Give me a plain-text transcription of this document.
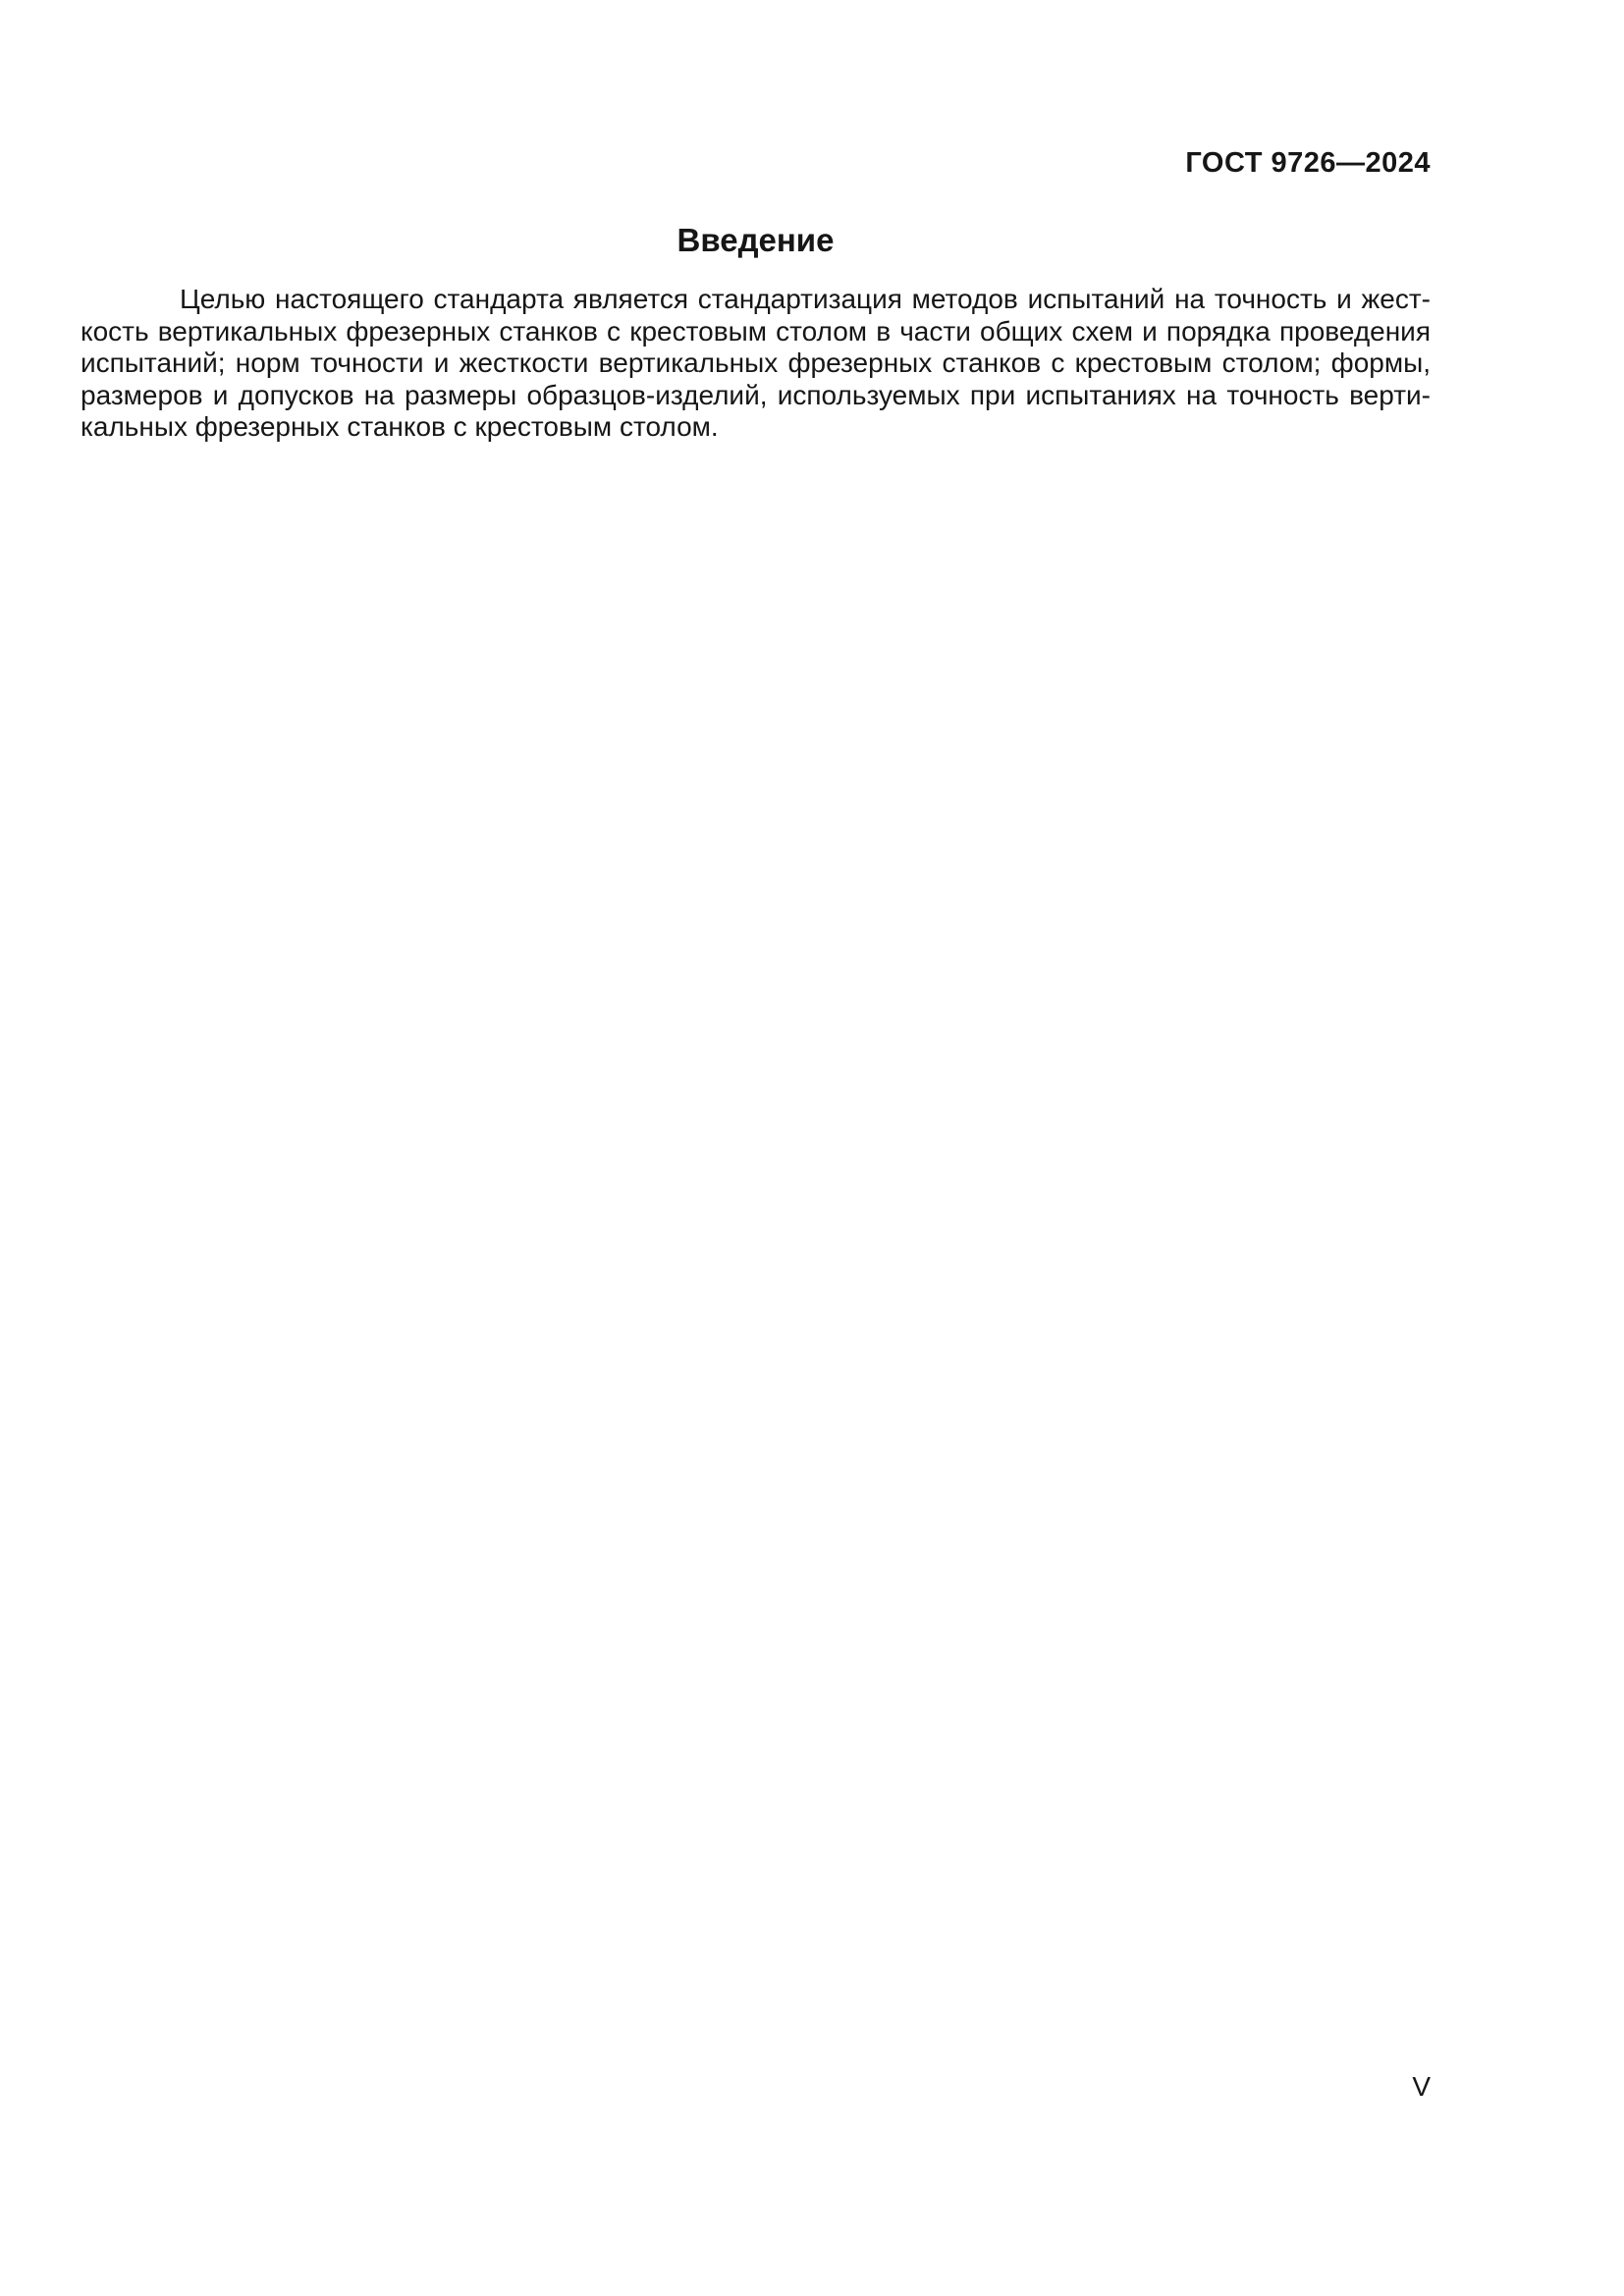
ГОСТ 9726—2024
Введение
Целью настоящего стандарта является стандартизация методов испытаний на точность и жест-
кость вертикальных фрезерных станков с крестовым столом в части общих схем и порядка проведения
испытаний; норм точности и жесткости вертикальных фрезерных станков с крестовым столом; формы,
размеров и допусков на размеры образцов-изделий, используемых при испытаниях на точность верти-
кальных фрезерных станков с крестовым столом.
V
